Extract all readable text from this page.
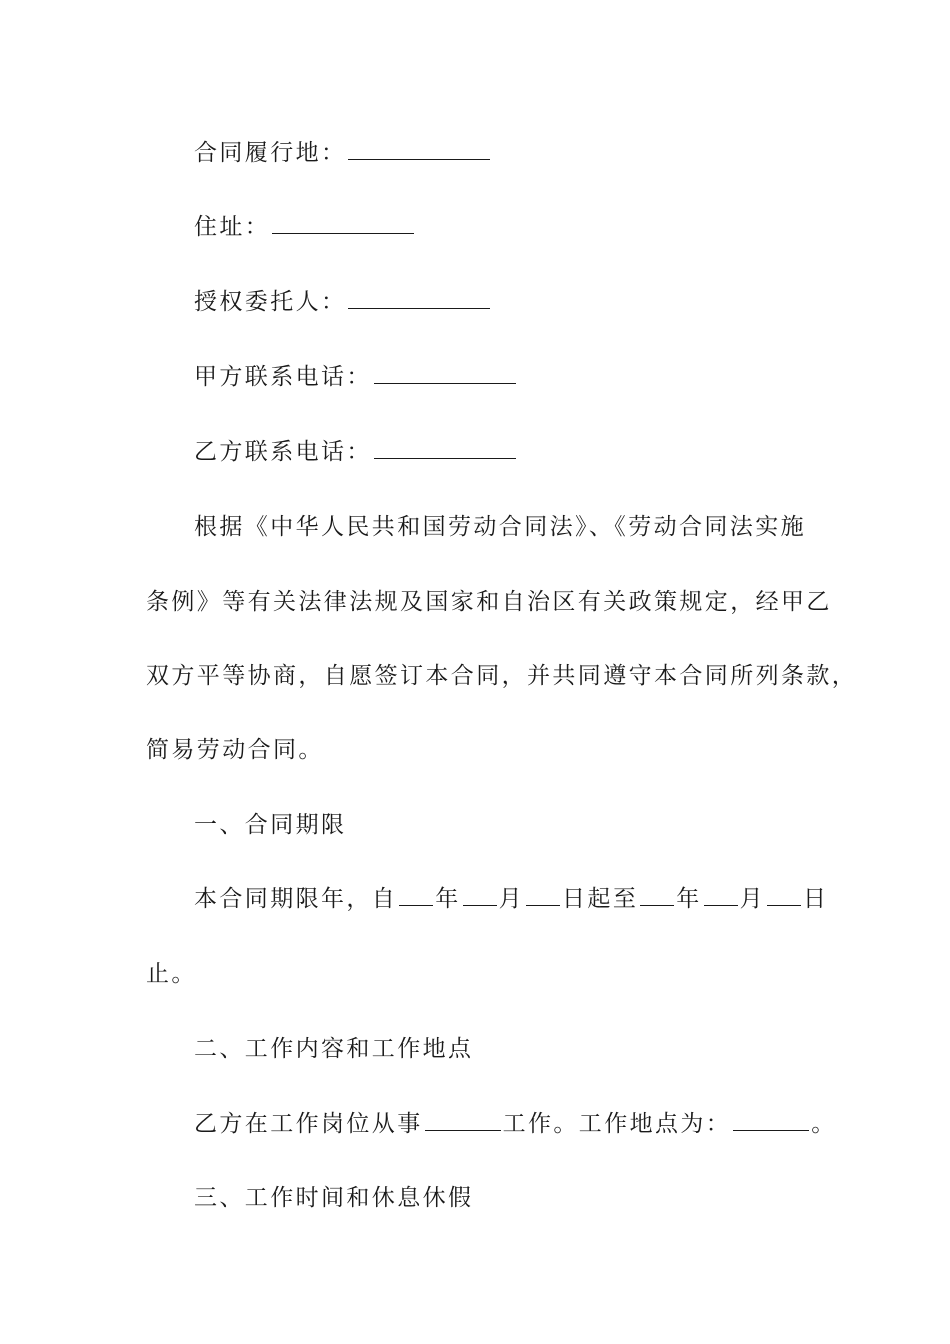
合同履行地：
住址：
授权委托人：
甲方联系电话：
乙方联系电话：
根据《中华人民共和国劳动合同法》、《劳动合同法实施
条例》等有关法律法规及国家和自治区有关政策规定，经甲乙
双方平等协商，自愿签订本合同，并共同遵守本合同所列条款，
简易劳动合同。
一、合同期限
本合同期限年，自 年 月 日起至 年 月 日
止。
二、工作内容和工作地点
乙方在工作岗位从事	工作。工作地点为：	。
三、工作时间和休息休假
